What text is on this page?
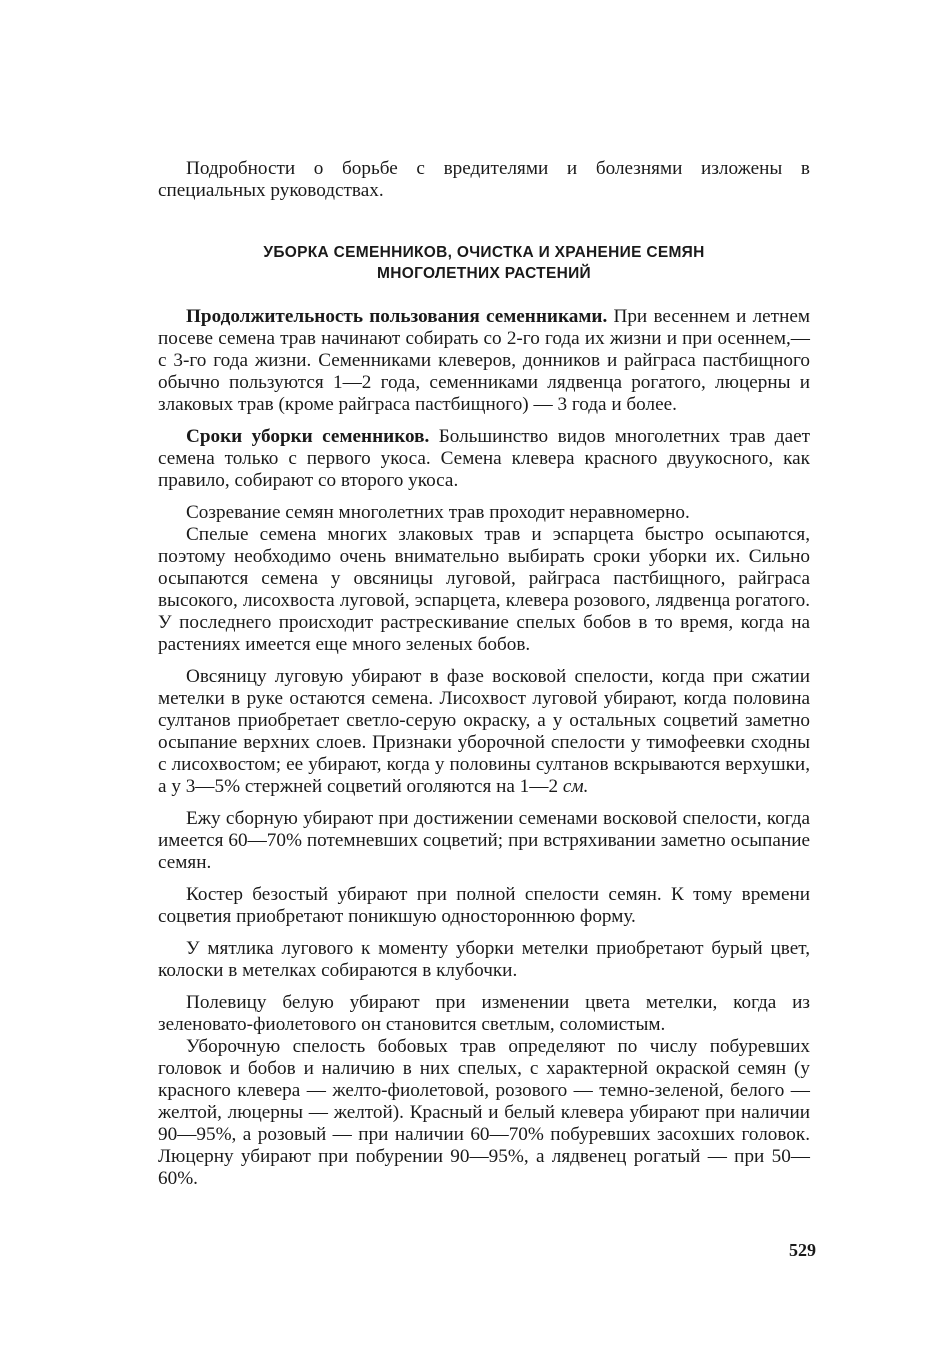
Подробности о борьбе с вредителями и болезнями изложены в специальных руководствах.

УБОРКА СЕМЕННИКОВ, ОЧИСТКА И ХРАНЕНИЕ СЕМЯН
МНОГОЛЕТНИХ РАСТЕНИЙ

Продолжительность пользования семенниками. При весеннем и летнем посеве семена трав начинают собирать со 2-го года их жизни и при осеннем,— с 3-го года жизни. Семенниками клеверов, донников и райграса пастбищного обычно пользуются 1—2 года, семенниками лядвенца рогатого, люцерны и злаковых трав (кроме райграса пастбищного) — 3 года и более.

Сроки уборки семенников. Большинство видов многолетних трав дает семена только с первого укоса. Семена клевера красного двуукосного, как правило, собирают со второго укоса.

Созревание семян многолетних трав проходит неравномерно.

Спелые семена многих злаковых трав и эспарцета быстро осыпаются, поэтому необходимо очень внимательно выбирать сроки уборки их. Сильно осыпаются семена у овсяницы луговой, райграса пастбищного, райграса высокого, лисохвоста луговой, эспарцета, клевера розового, лядвенца рогатого. У последнего происходит растрескивание спелых бобов в то время, когда на растениях имеется еще много зеленых бобов.

Овсяницу луговую убирают в фазе восковой спелости, когда при сжатии метелки в руке остаются семена. Лисохвост луговой убирают, когда половина султанов приобретает светло-серую окраску, а у остальных соцветий заметно осыпание верхних слоев. Признаки уборочной спелости у тимофеевки сходны с лисохвостом; ее убирают, когда у половины султанов вскрываются верхушки, а у 3—5% стержней соцветий оголяются на 1—2 см.

Ежу сборную убирают при достижении семенами восковой спелости, когда имеется 60—70% потемневших соцветий; при встряхивании заметно осыпание семян.

Костер безостый убирают при полной спелости семян. К тому времени соцветия приобретают поникшую одностороннюю форму.

У мятлика лугового к моменту уборки метелки приобретают бурый цвет, колоски в метелках собираются в клубочки.

Полевицу белую убирают при изменении цвета метелки, когда из зеленовато-фиолетового он становится светлым, соломистым.

Уборочную спелость бобовых трав определяют по числу побуревших головок и бобов и наличию в них спелых, с характерной окраской семян (у красного клевера — желто-фиолетовой, розового — темно-зеленой, белого — желтой, люцерны — желтой). Красный и белый клевера убирают при наличии 90—95%, а розовый — при наличии 60—70% побуревших засохших головок. Люцерну убирают при побурении 90—95%, а лядвенец рогатый — при 50—60%.

529
